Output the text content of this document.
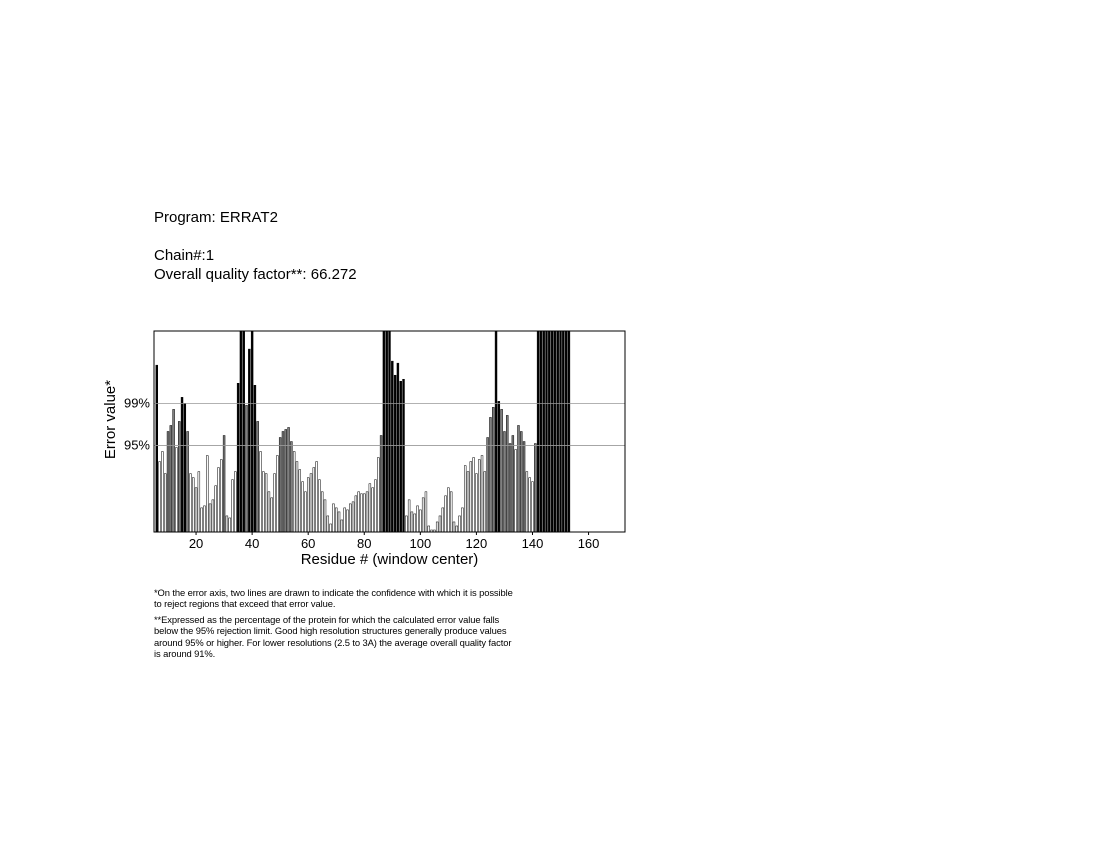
Program: ERRAT2
Chain#:1
Overall quality factor**: 66.272
95%
99%
20	40	60	80	100	120	140	160
Residue # (window center)
Error value*
*On the error axis, two lines are drawn to indicate the confidence with which it is possible to reject regions that exceed that error value.
**Expressed as the percentage of the protein for which the calculated error value falls below the 95% rejection limit. Good high resolution structures generally produce values around 95% or higher. For lower resolutions (2.5 to 3A) the average overall quality factor is around 91%.
